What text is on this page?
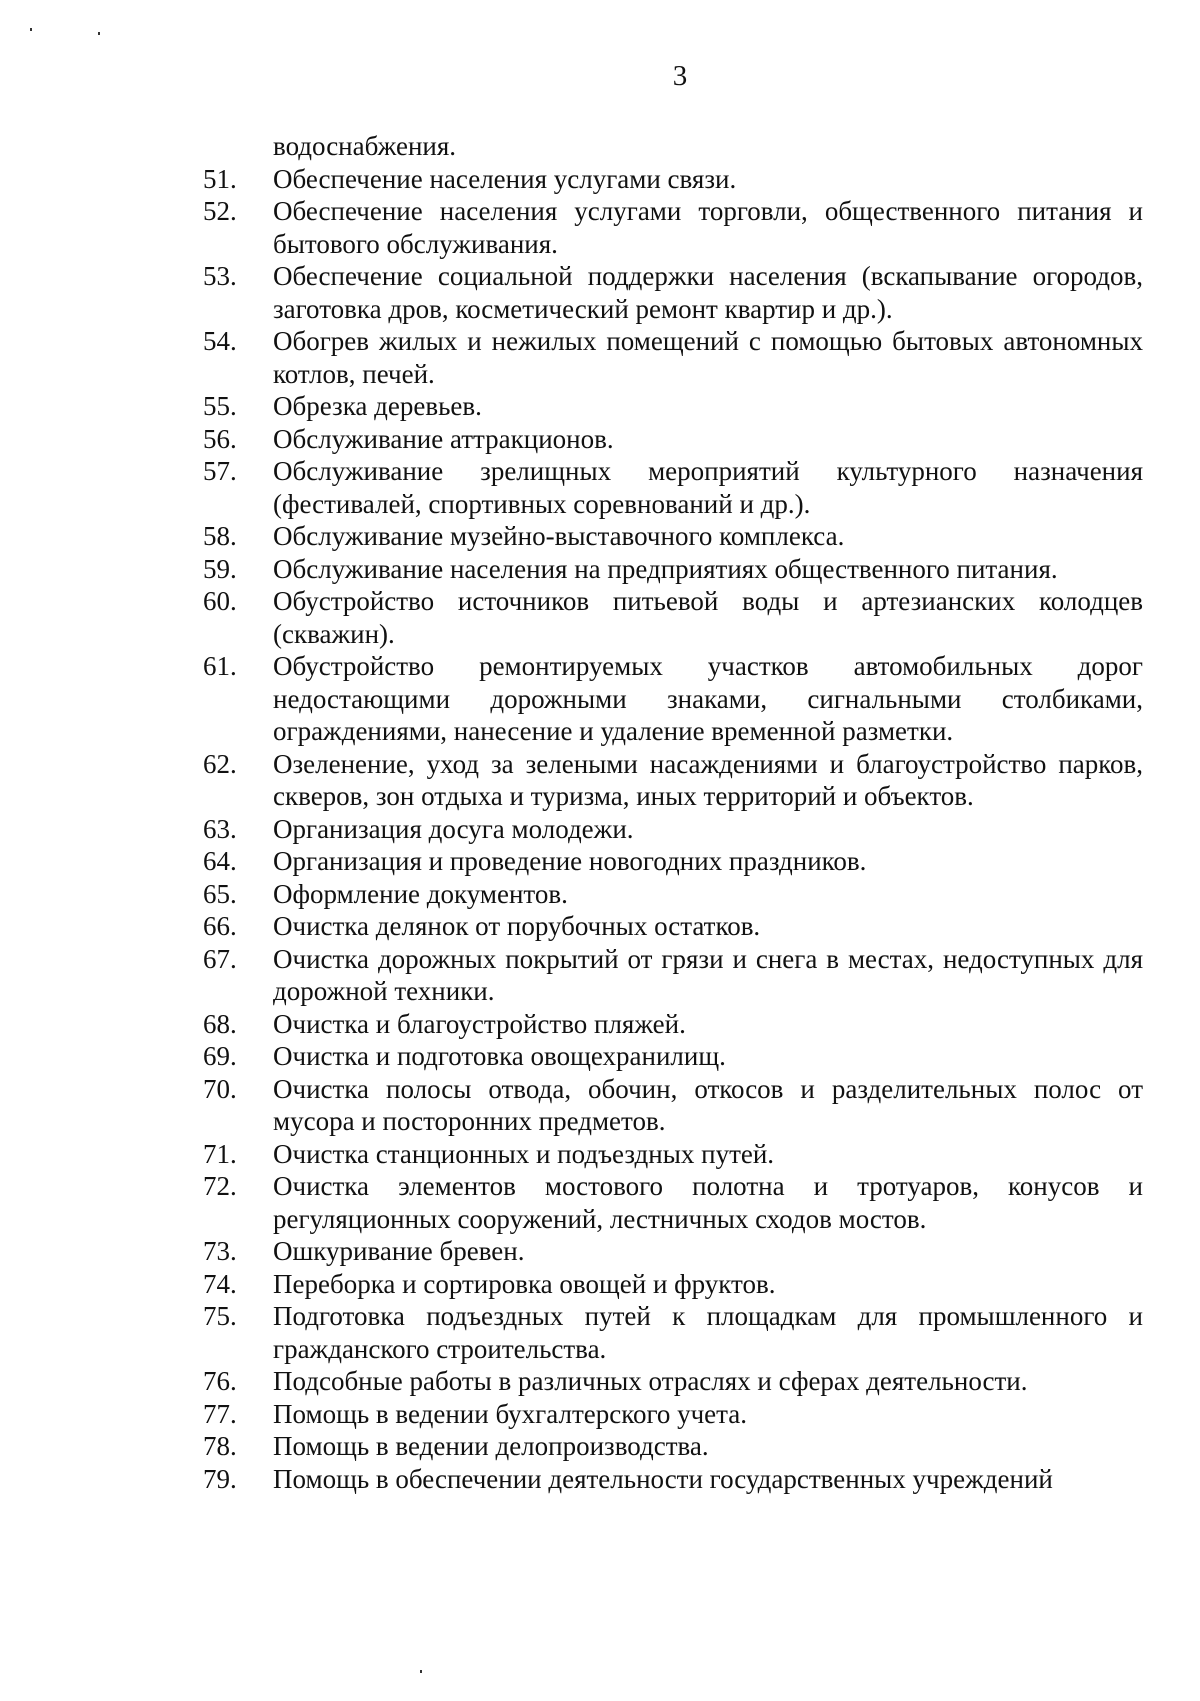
3
водоснабжения.
51.	Обеспечение населения услугами связи.
52.	Обеспечение населения услугами торговли, общественного питания и бытового обслуживания.
53.	Обеспечение социальной поддержки населения (вскапывание огородов, заготовка дров, косметический ремонт квартир и др.).
54.	Обогрев жилых и нежилых помещений с помощью бытовых автономных котлов, печей.
55.	Обрезка деревьев.
56.	Обслуживание аттракционов.
57.	Обслуживание зрелищных мероприятий культурного назначения (фестивалей, спортивных соревнований и др.).
58.	Обслуживание музейно-выставочного комплекса.
59.	Обслуживание населения на предприятиях общественного питания.
60.	Обустройство источников питьевой воды и артезианских колодцев (скважин).
61.	Обустройство ремонтируемых участков автомобильных дорог недостающими дорожными знаками, сигнальными столбиками, ограждениями, нанесение и удаление временной разметки.
62.	Озеленение, уход за зелеными насаждениями и благоустройство парков, скверов, зон отдыха и туризма, иных территорий и объектов.
63.	Организация досуга молодежи.
64.	Организация и проведение новогодних праздников.
65.	Оформление документов.
66.	Очистка делянок от порубочных остатков.
67.	Очистка дорожных покрытий от грязи и снега в местах, недоступных для дорожной техники.
68.	Очистка и благоустройство пляжей.
69.	Очистка и подготовка овощехранилищ.
70.	Очистка полосы отвода, обочин, откосов и разделительных полос от мусора и посторонних предметов.
71.	Очистка станционных и подъездных путей.
72.	Очистка элементов мостового полотна и тротуаров, конусов и регуляционных сооружений, лестничных сходов мостов.
73.	Ошкуривание бревен.
74.	Переборка и сортировка овощей и фруктов.
75.	Подготовка подъездных путей к площадкам для промышленного и гражданского строительства.
76.	Подсобные работы в различных отраслях и сферах деятельности.
77.	Помощь в ведении бухгалтерского учета.
78.	Помощь в ведении делопроизводства.
79.	Помощь в обеспечении деятельности государственных учреждений
